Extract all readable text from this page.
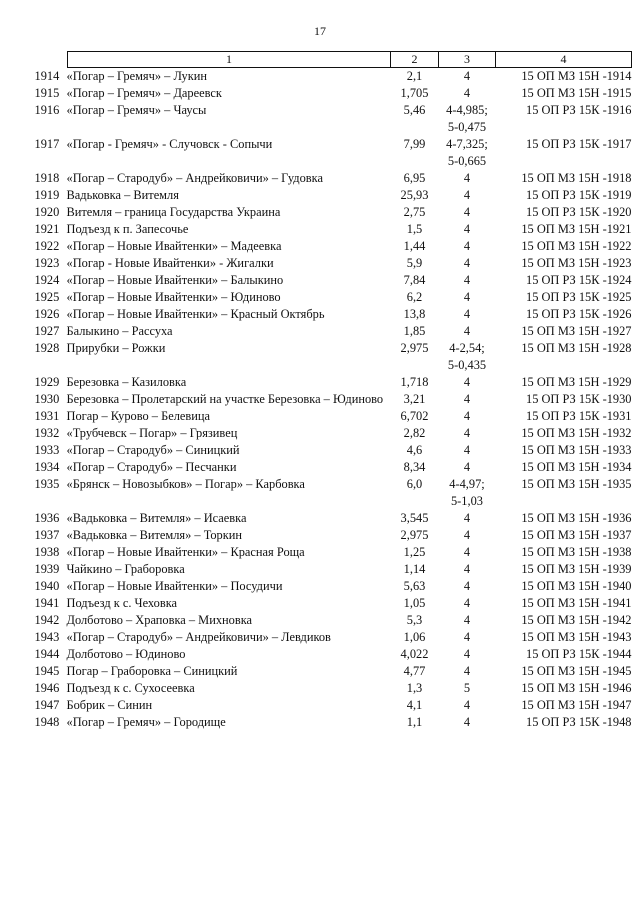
17
1	2	3	4
1914 «Погар – Гремяч» – Лукин	2,1	4	15 ОП МЗ 15Н -1914
1915 «Погар – Гремяч» – Дареевск	1,705	4	15 ОП МЗ 15Н -1915
1916 «Погар – Гремяч» – Чаусы	5,46	4-4,985;
5-0,475	15 ОП РЗ 15К -1916
1917 «Погар - Гремяч» - Случовск - Сопычи	7,99	4-7,325;
5-0,665	15 ОП РЗ 15К -1917
1918 «Погар – Стародуб» – Андрейковичи» – Гудовка	6,95	4	15 ОП МЗ 15Н -1918
1919 Вадьковка – Витемля	25,93	4	15 ОП РЗ 15К -1919
1920 Витемля – граница Государства Украина	2,75	4	15 ОП РЗ 15К -1920
1921 Подъезд к п. Запесочье	1,5	4	15 ОП МЗ 15Н -1921
1922 «Погар – Новые Ивайтенки» – Мадеевка	1,44	4	15 ОП МЗ 15Н -1922
1923 «Погар - Новые Ивайтенки» - Жигалки	5,9	4	15 ОП МЗ 15Н -1923
1924 «Погар – Новые Ивайтенки» – Балыкино	7,84	4	15 ОП РЗ 15К -1924
1925 «Погар – Новые Ивайтенки» – Юдиново	6,2	4	15 ОП РЗ 15К -1925
1926 «Погар – Новые Ивайтенки» – Красный Октябрь	13,8	4	15 ОП РЗ 15К -1926
1927 Балыкино – Рассуха	1,85	4	15 ОП МЗ 15Н -1927
1928 Прирубки – Рожки	2,975	4-2,54;
5-0,435	15 ОП МЗ 15Н -1928
1929 Березовка – Казиловка	1,718	4	15 ОП МЗ 15Н -1929
1930 Березовка – Пролетарский на участке Березовка – Юдиново	3,21	4	15 ОП РЗ 15К -1930
1931 Погар – Курово – Белевица	6,702	4	15 ОП РЗ 15К -1931
1932 «Трубчевск – Погар» – Грязивец	2,82	4	15 ОП МЗ 15Н -1932
1933 «Погар – Стародуб» – Синицкий	4,6	4	15 ОП МЗ 15Н -1933
1934 «Погар – Стародуб» – Песчанки	8,34	4	15 ОП МЗ 15Н -1934
1935 «Брянск – Новозыбков» – Погар» – Карбовка	6,0	4-4,97;
5-1,03	15 ОП МЗ 15Н -1935
1936 «Вадьковка – Витемля» – Исаевка	3,545	4	15 ОП МЗ 15Н -1936
1937 «Вадьковка – Витемля» – Торкин	2,975	4	15 ОП МЗ 15Н -1937
1938 «Погар – Новые Ивайтенки» – Красная Роща	1,25	4	15 ОП МЗ 15Н -1938
1939 Чайкино – Граборовка	1,14	4	15 ОП МЗ 15Н -1939
1940 «Погар – Новые Ивайтенки» – Посудичи	5,63	4	15 ОП МЗ 15Н -1940
1941 Подъезд к с. Чеховка	1,05	4	15 ОП МЗ 15Н -1941
1942 Долботово – Храповка – Михновка	5,3	4	15 ОП МЗ 15Н -1942
1943 «Погар – Стародуб» – Андрейковичи» – Левдиков	1,06	4	15 ОП МЗ 15Н -1943
1944 Долботово – Юдиново	4,022	4	15 ОП РЗ 15К -1944
1945 Погар – Граборовка – Синицкий	4,77	4	15 ОП МЗ 15Н -1945
1946 Подъезд к с. Сухосеевка	1,3	5	15 ОП МЗ 15Н -1946
1947 Бобрик – Синин	4,1	4	15 ОП МЗ 15Н -1947
1948 «Погар – Гремяч» – Городище	1,1	4	15 ОП РЗ 15К -1948
